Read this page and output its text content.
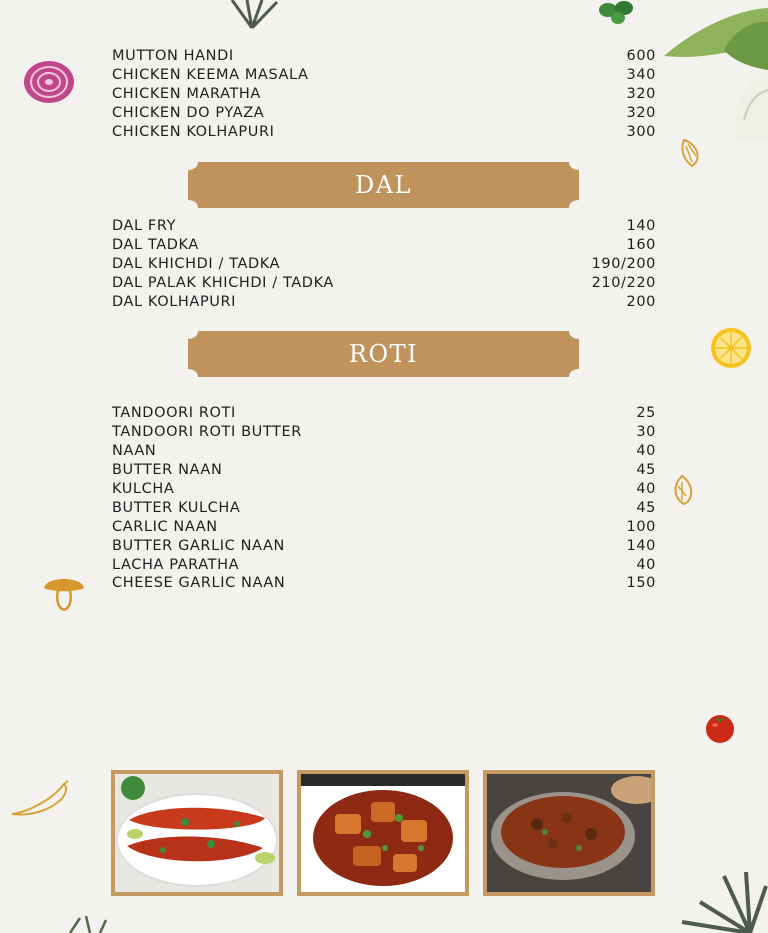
MUTTON HANDI	600
CHICKEN KEEMA MASALA	340
CHICKEN MARATHA	320
CHICKEN DO PYAZA	320
CHICKEN KOLHAPURI	300
DAL
DAL FRY	140
DAL TADKA	160
DAL KHICHDI / TADKA	190/200
DAL PALAK KHICHDI / TADKA	210/220
DAL KOLHAPURI	200
ROTI
TANDOORI ROTI	25
TANDOORI ROTI BUTTER	30
NAAN	40
BUTTER NAAN	45
KULCHA	40
BUTTER KULCHA	45
CARLIC NAAN	100
BUTTER GARLIC NAAN	140
LACHA PARATHA	40
CHEESE GARLIC NAAN	150
